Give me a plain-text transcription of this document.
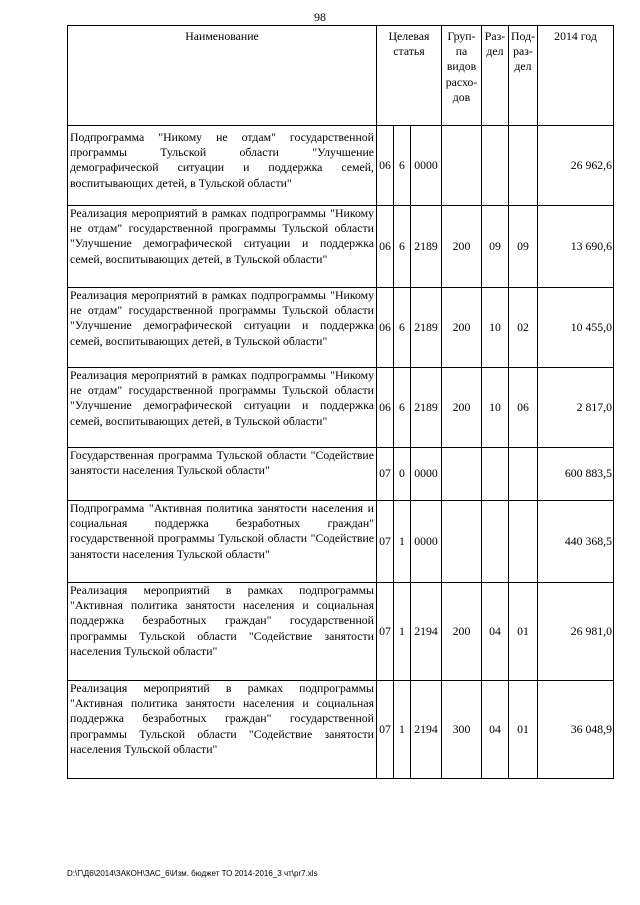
98
Наименование	Целевая статья			Груп-па видов расхо-дов	Раз-дел	Под-раз-дел	2014 год
Подпрограмма "Никому не отдам" государственной программы Тульской области "Улучшение демографической ситуации и поддержка семей, воспитывающих детей, в Тульской области"	06	6	0000				26 962,6
Реализация мероприятий в рамках подпрограммы "Никому не отдам" государственной программы Тульской области "Улучшение демографической ситуации и поддержка семей, воспитывающих детей, в Тульской области"	06	6	2189	200	09	09	13 690,6
Реализация мероприятий в рамках подпрограммы "Никому не отдам" государственной программы Тульской области "Улучшение демографической ситуации и поддержка семей, воспитывающих детей, в Тульской области"	06	6	2189	200	10	02	10 455,0
Реализация мероприятий в рамках подпрограммы "Никому не отдам" государственной программы Тульской области "Улучшение демографической ситуации и поддержка семей, воспитывающих детей, в Тульской области"	06	6	2189	200	10	06	2 817,0
Государственная программа Тульской области "Содействие занятости населения Тульской области"	07	0	0000				600 883,5
Подпрограмма "Активная политика занятости населения и социальная поддержка безработных граждан" государственной программы Тульской области "Содействие занятости населения Тульской области"	07	1	0000				440 368,5
Реализация мероприятий в рамках подпрограммы "Активная политика занятости населения и социальная поддержка безработных граждан" государственной программы Тульской области "Содействие занятости населения Тульской области"	07	1	2194	200	04	01	26 981,0
Реализация мероприятий в рамках подпрограммы "Активная политика занятости населения и социальная поддержка безработных граждан" государственной программы Тульской области "Содействие занятости населения Тульской области"	07	1	2194	300	04	01	36 048,9
D:\Г\Д6\2014\ЗАКОН\ЗАС_6\Изм. бюджет ТО 2014-2016_3 чт\pr7.xls
